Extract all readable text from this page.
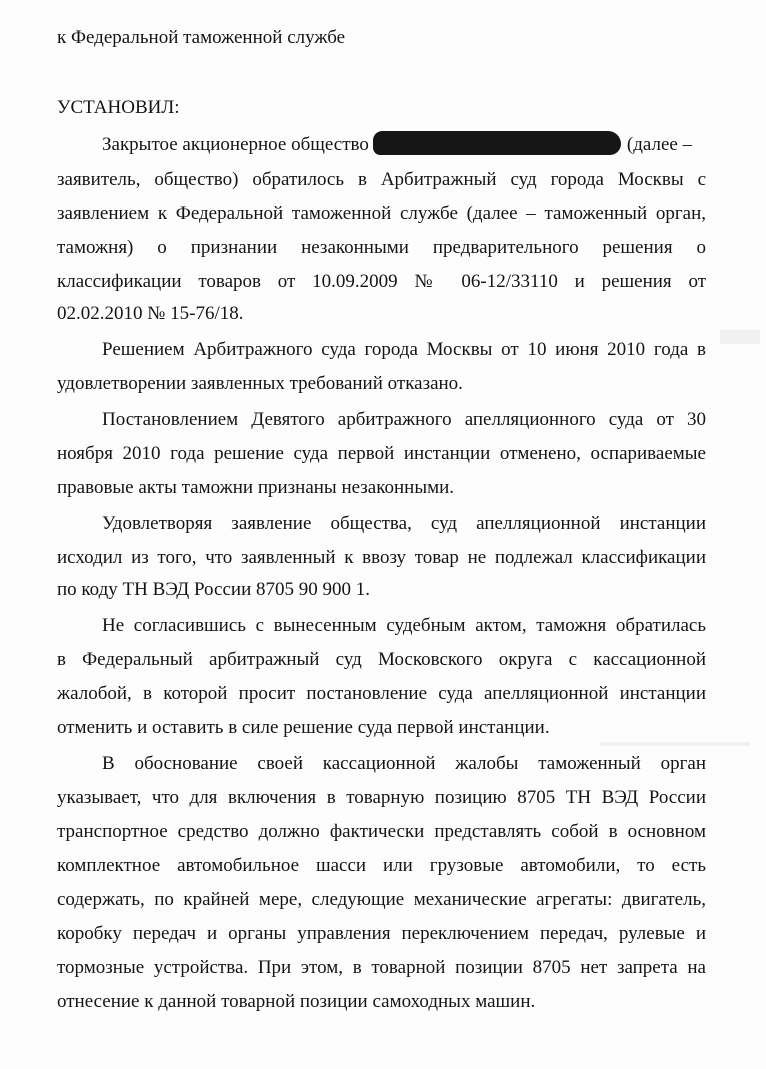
к Федеральной таможенной службе
УСТАНОВИЛ:
Закрытое акционерное общество	(далее –
заявитель, общество) обратилось в Арбитражный суд города Москвы с
заявлением к Федеральной таможенной службе (далее – таможенный орган,
таможня) о признании незаконными предварительного решения о
классификации товаров от 10.09.2009 № 06-12/33110 и решения от
02.02.2010 № 15-76/18.
Решением Арбитражного суда города Москвы от 10 июня 2010 года в
удовлетворении заявленных требований отказано.
Постановлением Девятого арбитражного апелляционного суда от 30
ноября 2010 года решение суда первой инстанции отменено, оспариваемые
правовые акты таможни признаны незаконными.
Удовлетворяя заявление общества, суд апелляционной инстанции
исходил из того, что заявленный к ввозу товар не подлежал классификации
по коду ТН ВЭД России 8705 90 900 1.
Не согласившись с вынесенным судебным актом, таможня обратилась
в Федеральный арбитражный суд Московского округа с кассационной
жалобой, в которой просит постановление суда апелляционной инстанции
отменить и оставить в силе решение суда первой инстанции.
В обоснование своей кассационной жалобы таможенный орган
указывает, что для включения в товарную позицию 8705 ТН ВЭД России
транспортное средство должно фактически представлять собой в основном
комплектное автомобильное шасси или грузовые автомобили, то есть
содержать, по крайней мере, следующие механические агрегаты: двигатель,
коробку передач и органы управления переключением передач, рулевые и
тормозные устройства. При этом, в товарной позиции 8705 нет запрета на
отнесение к данной товарной позиции самоходных машин.
